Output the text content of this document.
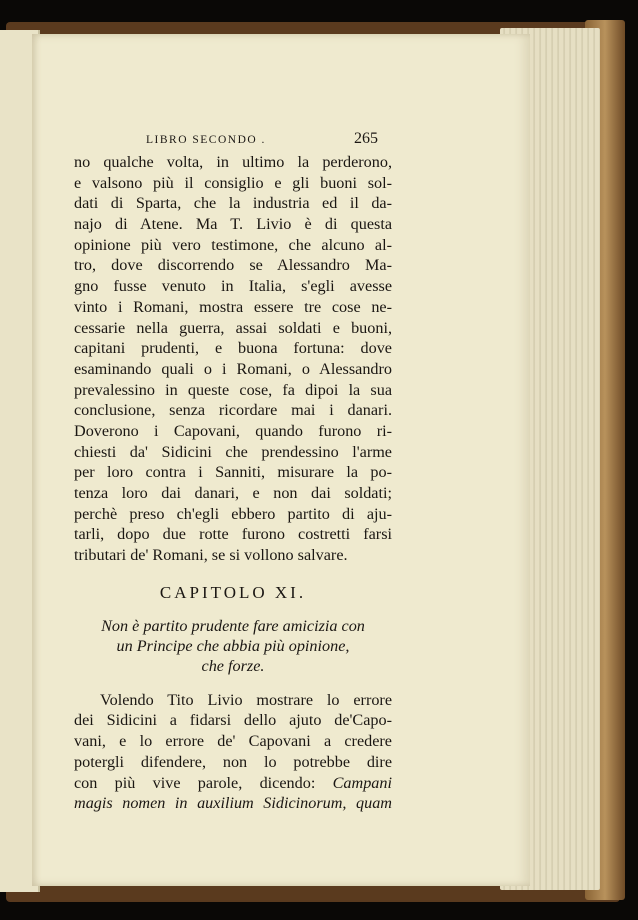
LIBRO SECONDO .	265
no qualche volta, in ultimo la perderono,
e valsono più il consiglio e gli buoni sol-
dati di Sparta, che la industria ed il da-
najo di Atene. Ma T. Livio è di questa
opinione più vero testimone, che alcuno al-
tro, dove discorrendo se Alessandro Ma-
gno fusse venuto in Italia, s'egli avesse
vinto i Romani, mostra essere tre cose ne-
cessarie nella guerra, assai soldati e buoni,
capitani prudenti, e buona fortuna: dove
esaminando quali o i Romani, o Alessandro
prevalessino in queste cose, fa dipoi la sua
conclusione, senza ricordare mai i danari.
Doverono i Capovani, quando furono ri-
chiesti da' Sidicini che prendessino l'arme
per loro contra i Sanniti, misurare la po-
tenza loro dai danari, e non dai soldati;
perchè preso ch'egli ebbero partito di aju-
tarli, dopo due rotte furono costretti farsi
tributari de' Romani, se si vollono salvare.
CAPITOLO XI.
Non è partito prudente fare amicizia con
un Principe che abbia più opinione,
che forze.
Volendo Tito Livio mostrare lo errore
dei Sidicini a fidarsi dello ajuto de'Capo-
vani, e lo errore de' Capovani a credere
potergli difendere, non lo potrebbe dire
con più vive parole, dicendo: Campani
magis nomen in auxilium Sidicinorum, quam
